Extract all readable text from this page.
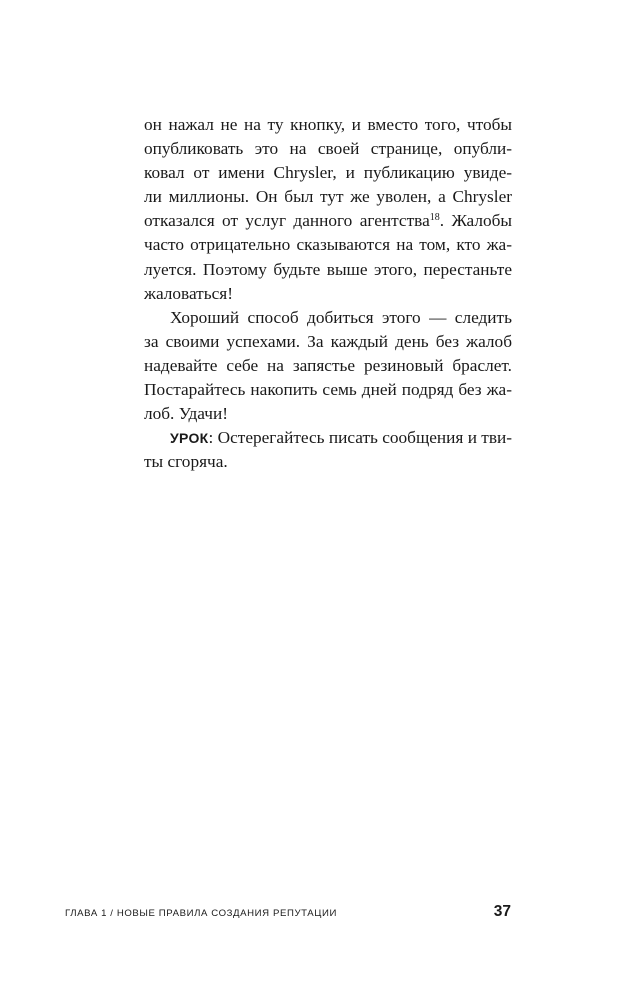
он нажал не на ту кнопку, и вместо того, чтобы
опубликовать это на своей странице, опубли-
ковал от имени Chrysler, и публикацию увиде-
ли миллионы. Он был тут же уволен, а Chrysler
отказался от услуг данного агентства$^{18}$. Жалобы
часто отрицательно сказываются на том, кто жа-
луется. Поэтому будьте выше этого, перестаньте
жаловаться!
Хороший способ добиться этого — следить
за своими успехами. За каждый день без жалоб
надевайте себе на запястье резиновый браслет.
Постарайтесь накопить семь дней подряд без жа-
лоб. Удачи!
УРОК: Остерегайтесь писать сообщения и тви-
ты сгоряча.
ГЛАВА 1 / НОВЫЕ ПРАВИЛА СОЗДАНИЯ РЕПУТАЦИИ	37
